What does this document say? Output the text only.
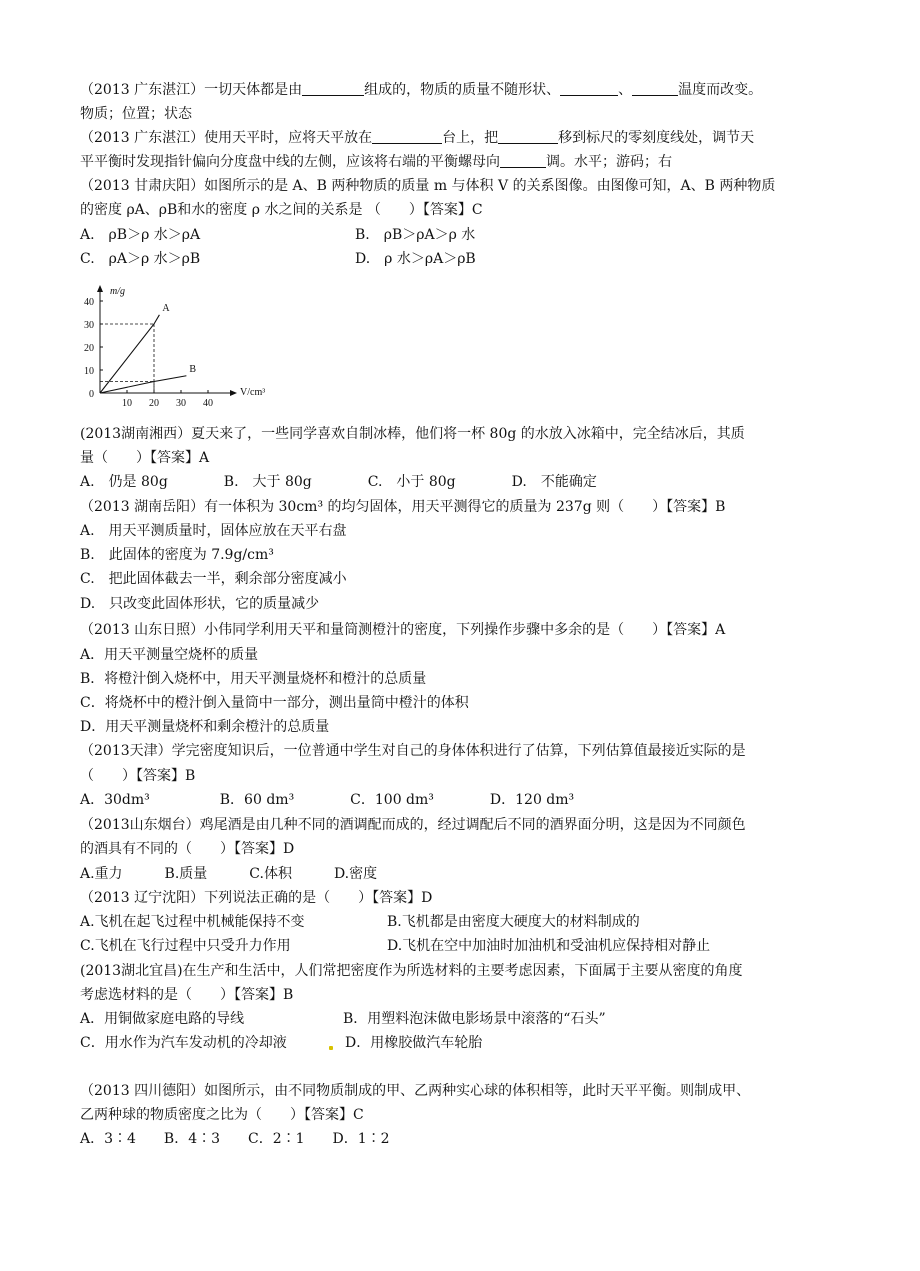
（2013 广东湛江）一切天体都是由	组成的，物质的质量不随形状、	、	温度而改变。
物质；位置；状态
（2013 广东湛江）使用天平时，应将天平放在	台上，把	移到标尺的零刻度线处，调节天
平平衡时发现指针偏向分度盘中线的左侧，应该将右端的平衡螺母向	调。水平；游码；右
（2013 甘肃庆阳）如图所示的是 A、B 两种物质的质量 m 与体积 V 的关系图像。由图像可知，A、B 两种物质
的密度 ρA、ρB和水的密度 ρ 水之间的关系是 （　　）【答案】C
A.　ρB＞ρ 水＞ρA	B.　ρB＞ρA＞ρ 水
C.　ρA＞ρ 水＞ρB	D.　ρ 水＞ρA＞ρB
10 20 30 40
0
10
20
30
40
m/g
V/cm³
A
B
(2013湖南湘西）夏天来了，一些同学喜欢自制冰棒，他们将一杯 80g 的水放入冰箱中，完全结冰后，其质
量（　　）【答案】A
A.　仍是 80g　　　　B.　大于 80g　　　　C.　小于 80g　　　　D.　不能确定
（2013 湖南岳阳）有一体积为 30cm³ 的均匀固体，用天平测得它的质量为 237g 则（　　）【答案】B
A.　用天平测质量时，固体应放在天平右盘
B.　此固体的密度为 7.9g/cm³
C.　把此固体截去一半，剩余部分密度减小
D.　只改变此固体形状，它的质量减少
（2013 山东日照）小伟同学利用天平和量筒测橙汁的密度，下列操作步骤中多余的是（　　）【答案】A
A．用天平测量空烧杯的质量
B．将橙汁倒入烧杯中，用天平测量烧杯和橙汁的总质量
C．将烧杯中的橙汁倒入量筒中一部分，测出量筒中橙汁的体积
D．用天平测量烧杯和剩余橙汁的总质量
（2013天津）学完密度知识后，一位普通中学生对自己的身体体积进行了估算，下列估算值最接近实际的是
（　　）【答案】B
A．30dm³　　　　　B．60 dm³　　　　C．100 dm³　　　　D．120 dm³
（2013山东烟台）鸡尾酒是由几种不同的酒调配而成的，经过调配后不同的酒界面分明，这是因为不同颜色
的酒具有不同的（　　）【答案】D
A.重力　　　B.质量　　　C.体积　　　D.密度
（2013 辽宁沈阳）下列说法正确的是（　　）【答案】D
A.飞机在起飞过程中机械能保持不变	B.飞机都是由密度大硬度大的材料制成的
C.飞机在飞行过程中只受升力作用	D.飞机在空中加油时加油机和受油机应保持相对静止
(2013湖北宜昌)在生产和生活中，人们常把密度作为所选材料的主要考虑因素，下面属于主要从密度的角度
考虑选材料的是（　　）【答案】B
A．用铜做家庭电路的导线	B．用塑料泡沫做电影场景中滚落的“石头”
C．用水作为汽车发动机的冷却液	D．用橡胶做汽车轮胎
（2013 四川德阳）如图所示，由不同物质制成的甲、乙两种实心球的体积相等，此时天平平衡。则制成甲、
乙两种球的物质密度之比为（　　）【答案】C
A．3∶4　　B．4∶3　　C．2∶1　　D．1∶2
